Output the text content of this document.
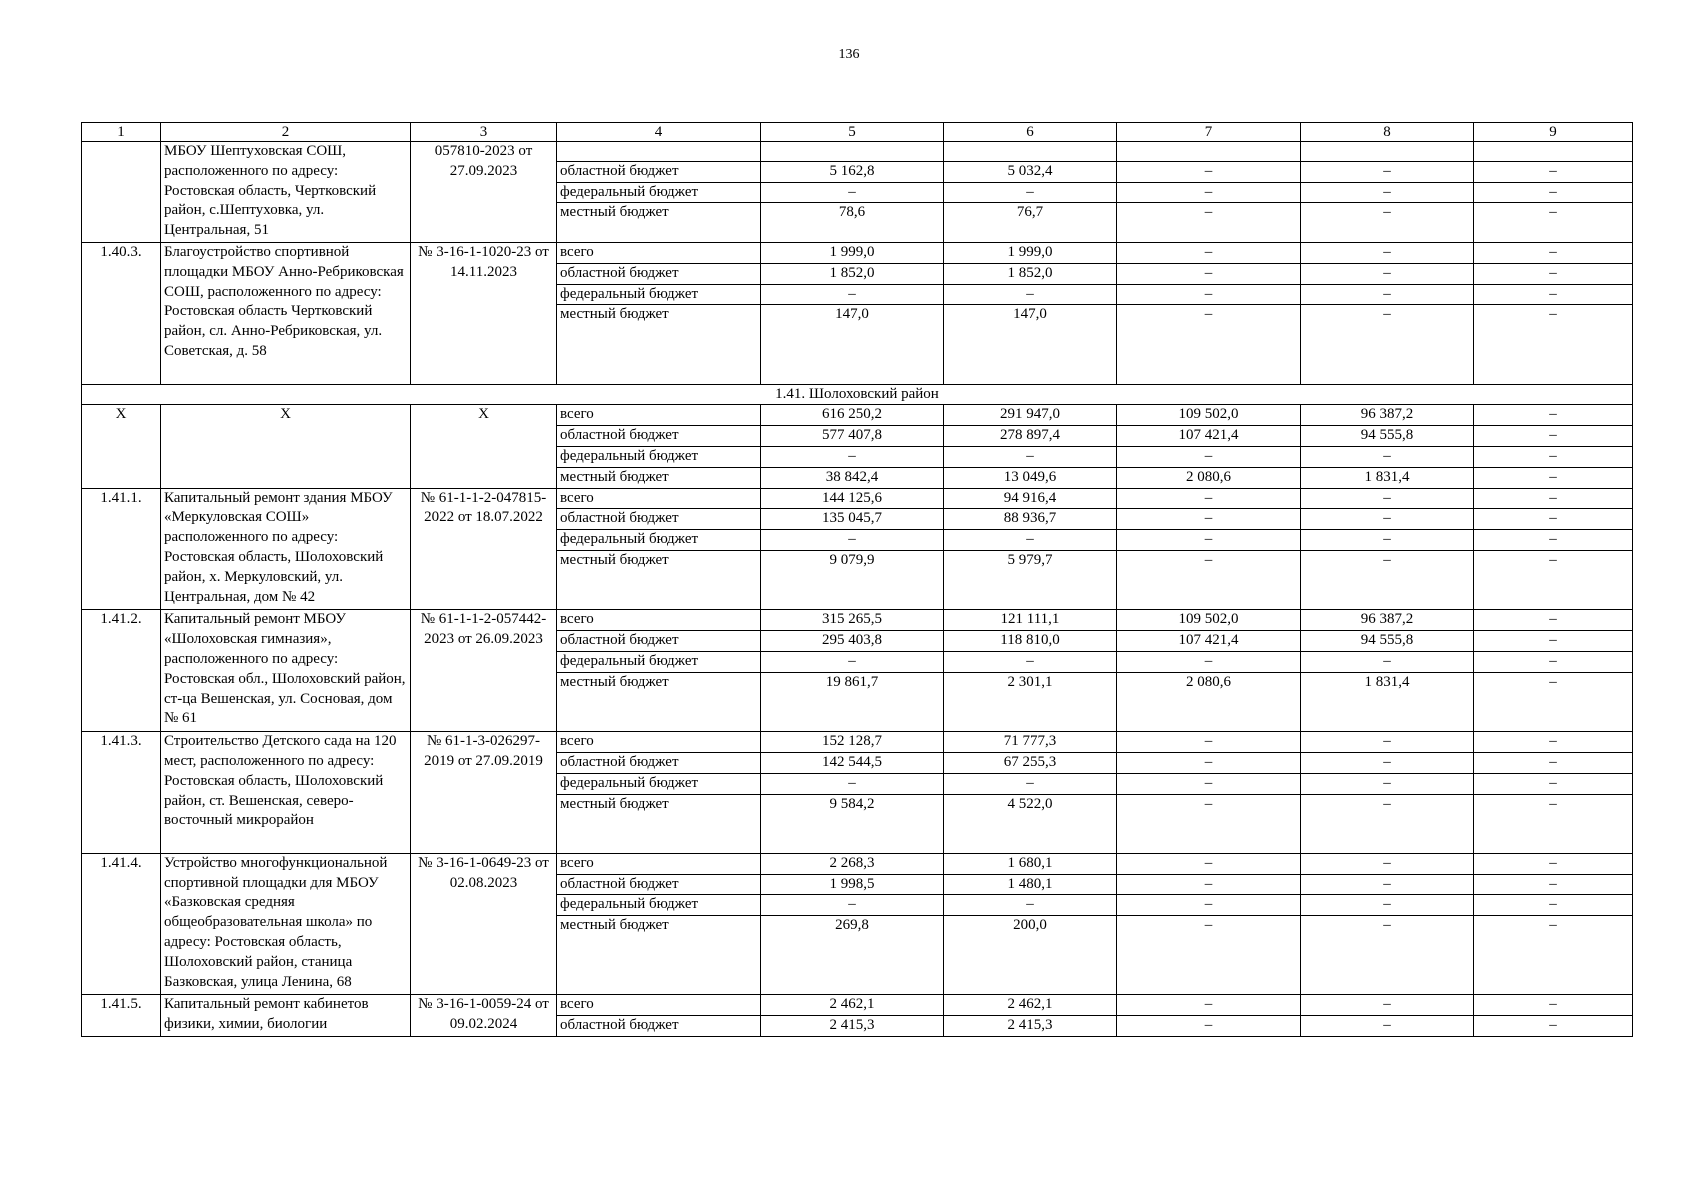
136
1	2	3	4	5	6	7	8	9
	МБОУ Шептуховская СОШ, расположенного по адресу: Ростовская область, Чертковский район, с.Шептуховка, ул. Центральная, 51	057810-2023 от 27.09.2023						
			областной бюджет	5 162,8	5 032,4	–	–	–
			федеральный бюджет	–	–	–	–	–
			местный бюджет	78,6	76,7	–	–	–

1.40.3.	Благоустройство спортивной площадки МБОУ Анно-Ребриковская СОШ, расположенного по адресу: Ростовская область Чертковский район, сл. Анно-Ребриковская, ул. Советская, д. 58	№ 3-16-1-1020-23 от 14.11.2023	всего	1 999,0	1 999,0	–	–	–
			областной бюджет	1 852,0	1 852,0	–	–	–
			федеральный бюджет	–	–	–	–	–
			местный бюджет	147,0	147,0	–	–	–

1.41. Шолоховский район								
Х	Х	Х	всего	616 250,2	291 947,0	109 502,0	96 387,2	–
			областной бюджет	577 407,8	278 897,4	107 421,4	94 555,8	–
			федеральный бюджет	–	–	–	–	–
			местный бюджет	38 842,4	13 049,6	2 080,6	1 831,4	–
1.41.1.	Капитальный ремонт здания МБОУ «Меркуловская СОШ» расположенного по адресу: Ростовская область, Шолоховский район, х. Меркуловский, ул. Центральная, дом № 42	№ 61-1-1-2-047815-2022 от 18.07.2022	всего	144 125,6	94 916,4	–	–	–
			областной бюджет	135 045,7	88 936,7	–	–	–
			федеральный бюджет	–	–	–	–	–
			местный бюджет	9 079,9	5 979,7	–	–	–

1.41.2.	Капитальный ремонт МБОУ «Шолоховская гимназия», расположенного по адресу: Ростовская обл., Шолоховский район, ст-ца Вешенская, ул. Сосновая, дом № 61	№ 61-1-1-2-057442-2023 от 26.09.2023	всего	315 265,5	121 111,1	109 502,0	96 387,2	–
			областной бюджет	295 403,8	118 810,0	107 421,4	94 555,8	–
			федеральный бюджет	–	–	–	–	–
			местный бюджет	19 861,7	2 301,1	2 080,6	1 831,4	–

1.41.3.	Строительство Детского сада на 120 мест, расположенного по адресу: Ростовская область, Шолоховский район, ст. Вешенская, северо-восточный микрорайон	№ 61-1-3-026297-2019 от 27.09.2019	всего	152 128,7	71 777,3	–	–	–
			областной бюджет	142 544,5	67 255,3	–	–	–
			федеральный бюджет	–	–	–	–	–
			местный бюджет	9 584,2	4 522,0	–	–	–

1.41.4.	Устройство многофункциональной спортивной площадки для МБОУ «Базковская средняя общеобразовательная школа» по адресу: Ростовская область, Шолоховский район, станица Базковская, улица Ленина, 68	№ 3-16-1-0649-23 от 02.08.2023	всего	2 268,3	1 680,1	–	–	–
			областной бюджет	1 998,5	1 480,1	–	–	–
			федеральный бюджет	–	–	–	–	–
			местный бюджет	269,8	200,0	–	–	–

1.41.5.	Капитальный ремонт кабинетов физики, химии, биологии	№ 3-16-1-0059-24 от 09.02.2024	всего	2 462,1	2 462,1	–	–	–
			областной бюджет	2 415,3	2 415,3	–	–	–
